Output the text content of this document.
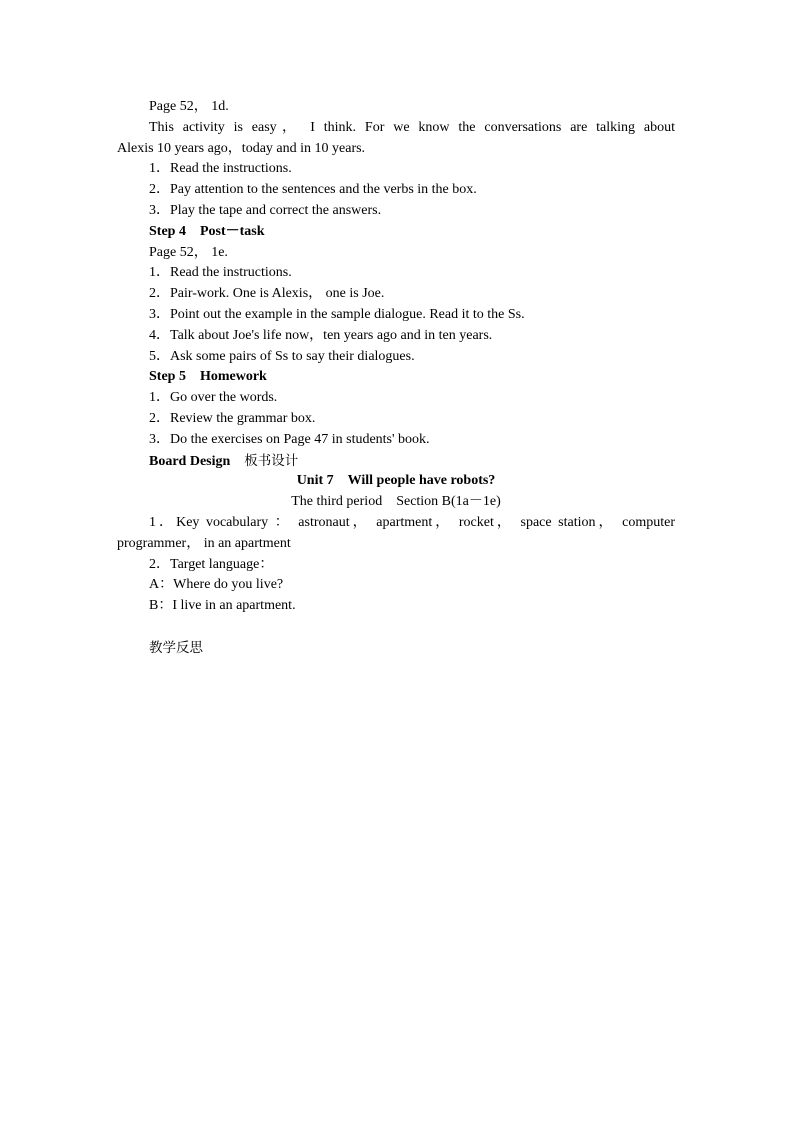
Page 52， 1d.
This activity is easy， I think. For we know the conversations are talking about
Alexis 10 years ago，today and in 10 years.
1．Read the instructions.
2．Pay attention to the sentences and the verbs in the box.
3．Play the tape and correct the answers.
Step 4　Post－task
Page 52， 1e.
1．Read the instructions.
2．Pair-work. One is Alexis， one is Joe.
3．Point out the example in the sample dialogue. Read it to the Ss.
4．Talk about Joe's life now，ten years ago and in ten years.
5．Ask some pairs of Ss to say their dialogues.
Step 5　Homework
1．Go over the words.
2．Review the grammar box.
3．Do the exercises on Page 47 in students' book.
Board Design 板书设计
Unit 7　Will people have robots?
The third period　Section B(1a－1e)
1．Key vocabulary ： astronaut， apartment， rocket， space station， computer
programmer， in an apartment
2．Target language：
A：Where do you live?
B：I live in an apartment.
教学反思
